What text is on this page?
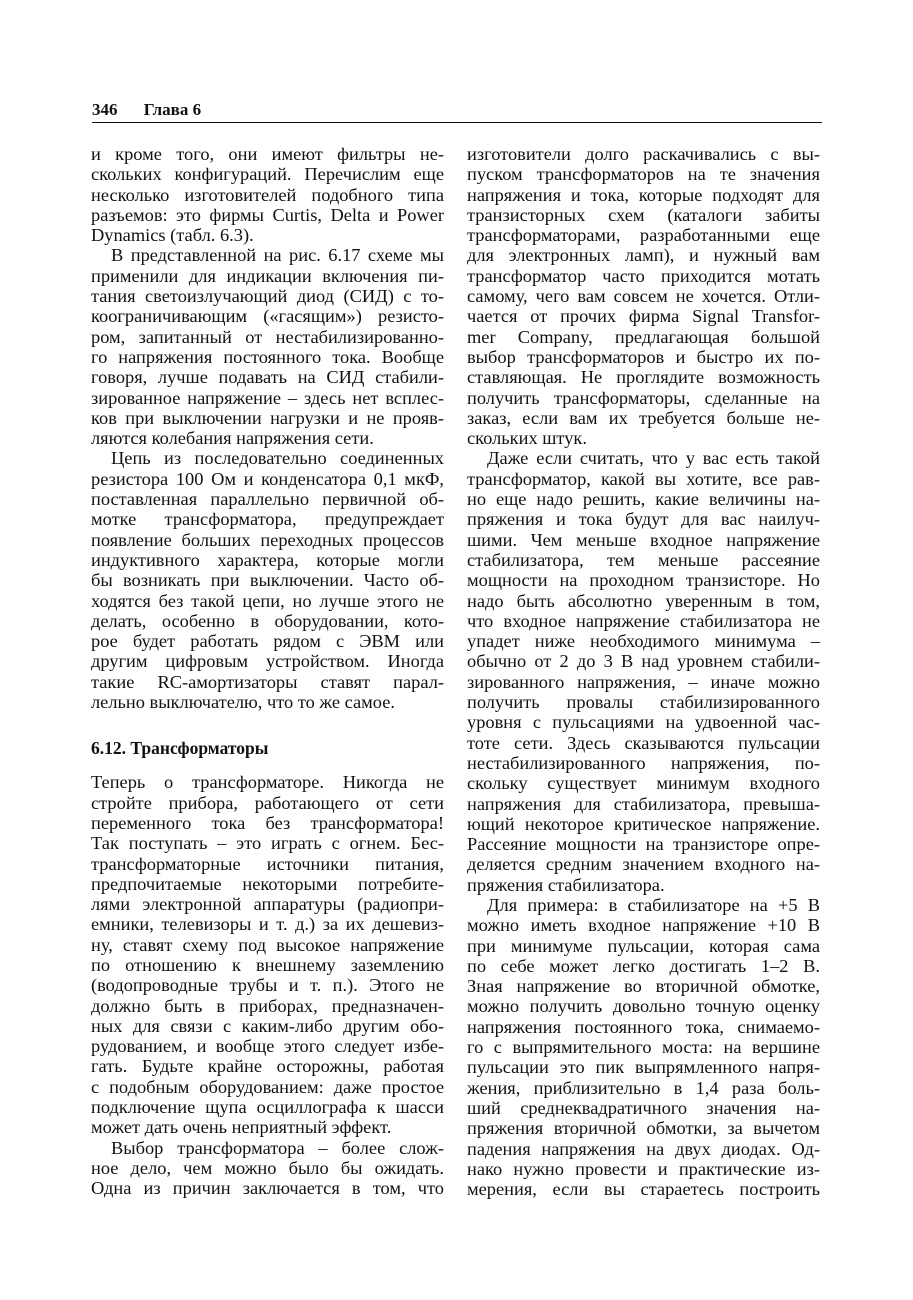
346 Глава 6
и кроме того, они имеют фильтры не-
скольких конфигураций. Перечислим еще
несколько изготовителей подобного типа
разъемов: это фирмы Curtis, Delta и Power
Dynamics (табл. 6.3).
В представленной на рис. 6.17 схеме мы
применили для индикации включения пи-
тания светоизлучающий диод (СИД) с то-
коограничивающим («гасящим») резисто-
ром, запитанный от нестабилизированно-
го напряжения постоянного тока. Вообще
говоря, лучше подавать на СИД стабили-
зированное напряжение – здесь нет всплес-
ков при выключении нагрузки и не прояв-
ляются колебания напряжения сети.
Цепь из последовательно соединенных
резистора 100 Ом и конденсатора 0,1 мкФ,
поставленная параллельно первичной об-
мотке трансформатора, предупреждает
появление больших переходных процессов
индуктивного характера, которые могли
бы возникать при выключении. Часто об-
ходятся без такой цепи, но лучше этого не
делать, особенно в оборудовании, кото-
рое будет работать рядом с ЭВМ или
другим цифровым устройством. Иногда
такие RC-амортизаторы ставят парал-
лельно выключателю, что то же самое.
6.12. Трансформаторы
Теперь о трансформаторе. Никогда не
стройте прибора, работающего от сети
переменного тока без трансформатора!
Так поступать – это играть с огнем. Бес-
трансформаторные источники питания,
предпочитаемые некоторыми потребите-
лями электронной аппаратуры (радиопри-
емники, телевизоры и т. д.) за их дешевиз-
ну, ставят схему под высокое напряжение
по отношению к внешнему заземлению
(водопроводные трубы и т. п.). Этого не
должно быть в приборах, предназначен-
ных для связи с каким-либо другим обо-
рудованием, и вообще этого следует избе-
гать. Будьте крайне осторожны, работая
с подобным оборудованием: даже простое
подключение щупа осциллографа к шасси
может дать очень неприятный эффект.
Выбор трансформатора – более слож-
ное дело, чем можно было бы ожидать.
Одна из причин заключается в том, что
изготовители долго раскачивались с вы-
пуском трансформаторов на те значения
напряжения и тока, которые подходят для
транзисторных схем (каталоги забиты
трансформаторами, разработанными еще
для электронных ламп), и нужный вам
трансформатор часто приходится мотать
самому, чего вам совсем не хочется. Отли-
чается от прочих фирма Signal Transfor-
mer Company, предлагающая большой
выбор трансформаторов и быстро их по-
ставляющая. Не проглядите возможность
получить трансформаторы, сделанные на
заказ, если вам их требуется больше не-
скольких штук.
Даже если считать, что у вас есть такой
трансформатор, какой вы хотите, все рав-
но еще надо решить, какие величины на-
пряжения и тока будут для вас наилуч-
шими. Чем меньше входное напряжение
стабилизатора, тем меньше рассеяние
мощности на проходном транзисторе. Но
надо быть абсолютно уверенным в том,
что входное напряжение стабилизатора не
упадет ниже необходимого минимума –
обычно от 2 до 3 В над уровнем стабили-
зированного напряжения, – иначе можно
получить провалы стабилизированного
уровня с пульсациями на удвоенной час-
тоте сети. Здесь сказываются пульсации
нестабилизированного напряжения, по-
скольку существует минимум входного
напряжения для стабилизатора, превыша-
ющий некоторое критическое напряжение.
Рассеяние мощности на транзисторе опре-
деляется средним значением входного на-
пряжения стабилизатора.
Для примера: в стабилизаторе на +5 В
можно иметь входное напряжение +10 В
при минимуме пульсации, которая сама
по себе может легко достигать 1–2 В.
Зная напряжение во вторичной обмотке,
можно получить довольно точную оценку
напряжения постоянного тока, снимаемо-
го с выпрямительного моста: на вершине
пульсации это пик выпрямленного напря-
жения, приблизительно в 1,4 раза боль-
ший среднеквадратичного значения на-
пряжения вторичной обмотки, за вычетом
падения напряжения на двух диодах. Од-
нако нужно провести и практические из-
мерения, если вы стараетесь построить
